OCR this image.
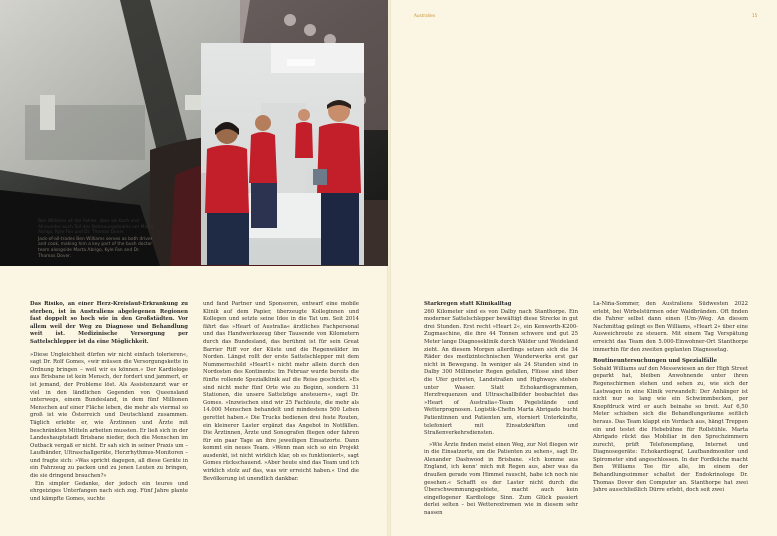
Ben Williams ist der Fahrer, aber als Koch und Allrounder auch Teil des Betreuungsteams um Marta Abrigo, Kyle Fan und Dr. Thomas Dover.
Jack-of-all-trades Ben Williams serves as both driver and cook, making him a key part of the bush doctor team alongside Marta Abrigo, Kyle Fan and Dr. Thomas Dover.
Australien	15

Das Risiko, an einer Herz-Kreislauf-Erkrankung zu sterben, ist in Australiens abgelegenen Regionen fast doppelt so hoch wie in den Großstädten. Vor allem weil der Weg zu Diagnose und Behandlung weit ist. Medizinische Versorgung per Sattelschlepper ist da eine Möglichkeit.

»Diese Ungleichheit dürfen wir nicht einfach tolerieren«, sagt Dr. Rolf Gomes, »wir müssen die Versorgungskette in Ordnung bringen – weil wir es können.« Der Kardiologe aus Brisbane ist kein Mensch, der fordert und jammert, er ist jemand, der Probleme löst. Als Assistenzarzt war er viel in den ländlichen Gegenden von Queensland unterwegs, einem Bundesland, in dem fünf Millionen Menschen auf einer Fläche leben, die mehr als viermal so groß ist wie Österreich und Deutschland zusammen. Täglich erlebte er, wie Ärztinnen und Ärzte mit beschränkten Mitteln arbeiten mussten. Er ließ sich in der Landeshauptstadt Brisbane nieder, doch die Menschen im Outback vergaß er nicht. Er sah sich in seiner Praxis um – Laufbänder, Ultraschallgeräte, Herzrhythmus-Monitoren – und fragte sich: »Was spricht dagegen, all diese Geräte in ein Fahrzeug zu packen und zu jenen Leuten zu bringen, die sie dringend brauchen?«

Ein simpler Gedanke, der jedoch ein teures und ehrgeiziges Unterfangen nach sich zog. Fünf Jahre plante und kämpfte Gomes, suchte

und fand Partner und Sponsoren, entwarf eine mobile Klinik auf dem Papier, überzeugte Kolleginnen und Kollegen und setzte seine Idee in die Tat um. Seit 2014 fährt das »Heart of Australia« ärztliches Fachpersonal und das Handwerkszeug über Tausende von Kilometern durch das Bundesland, das berühmt ist für sein Great Barrier Riff vor der Küste und die Regenwälder im Norden. Längst rollt der erste Sattelschlepper mit dem Nummernschild »Heart1« nicht mehr allein durch den Nordosten des Kontinents: Im Februar wurde bereits die fünfte rollende Spezialklinik auf die Reise geschickt. »Es sind nicht mehr fünf Orte wie zu Beginn, sondern 31 Stationen, die unsere Sattelzüge ansteuern«, sagt Dr. Gomes. »Inzwischen sind wir 25 Fachleute, die mehr als 14.000 Menschen behandelt und mindestens 500 Leben gerettet haben.« Die Trucks bedienen drei feste Routen, ein kleinerer Laster ergänzt das Angebot in Notfällen. Die Ärztinnen, Ärzte und Sonografen fliegen oder fahren für ein paar Tage an ihre jeweiligen Einsatzorte. Dann kommt ein neues Team. »Wenn man sich so ein Projekt ausdenkt, ist nicht wirklich klar, ob es funktioniert«, sagt Gomes rückschauend. »Aber heute sind das Team und ich wirklich stolz auf das, was wir erreicht haben.« Und die Bevölkerung ist unendlich dankbar.

Starkregen statt Klinikalltag

260 Kilometer sind es von Dalby nach Stanthorpe. Ein moderner Sattelschlepper bewältigt diese Strecke in gut drei Stunden. Erst recht »Heart 2«, ein Kenworth-K200-Zugmaschine, die ihre 44 Tonnen schwere und gut 25 Meter lange Diagnoseklinik durch Wälder und Weideland zieht. An diesem Morgen allerdings setzen sich die 34 Räder des medizintechnischen Wunderwerks erst gar nicht in Bewegung. In weniger als 24 Stunden sind in Dalby 300 Millimeter Regen gefallen, Flüsse sind über die Ufer getreten, Landstraßen und Highways stehen unter Wasser. Statt Echokardiogrammen, Herzfrequenzen und Ultraschallbilder beobachtet das »Heart of Australia«-Team Pegelstände und Wetterprognosen. Logistik-Chefin Marta Abrigado bucht Patientinnen und Patienten um, storniert Unterkünfte, telefoniert mit Einsatzkräften und Straßenverkehrsdiensten.

»Wie Ärzte finden meist einen Weg, zur Not fliegen wir in die Einsatzorte, um die Patienten zu sehen«, sagt Dr. Alexander Dashwood in Brisbane. »Ich komme aus England, ich kenn' mich mit Regen aus, aber was da draußen gerade vom Himmel rauscht, habe ich noch nie gesehen.« Schafft es der Laster nicht durch die Überschwemmungsgebiete, macht auch kein eingeflogener Kardiologe Sinn. Zum Glück passiert derlei selten – bei Wetterextremen wie in diesem sehr nassen

La-Niña-Sommer, den Australiens Südwesten 2022 erlebt, bei Wirbelstürmen oder Waldbränden. Oft finden die Fahrer selbst dann einen (Um-)Weg. An diesem Nachmittag gelingt es Ben Williams, »Heart 2« über eine Ausweichroute zu steuern. Mit einem Tag Verspätung erreicht das Team den 5.000-Einwohner-Ort Stanthorpe immerhin für den zweiten geplanten Diagnosetag.

Routineuntersuchungen und Spezialfälle

Sobald Williams auf den Messewiesen an der High Street geparkt hat, bleiben Anwohnende unter ihren Regenschirmen stehen und sehen zu, wie sich der Lastwagen in eine Klinik verwandelt: Der Anhänger ist nicht nur so lang wie ein Schwimmbecken, per Knopfdruck wird er auch beinahe so breit. Auf 6,50 Meter schieben sich die Behandlungsräume seitlich heraus. Das Team klappt ein Vordach aus, hängt Treppen ein und testet die Hebebühne für Rollstühle. Marta Abrigado rückt das Mobiliar in den Sprechzimmern zurecht, prüft Telefonempfang, Internet und Diagnosegeräte: Echokardiograf, Laufbandmonitor und Spirometer sind angeschlossen. In der Fordküche macht Ben Williams Tee für alle, im einem der Behandlungszimmer schaltet der Endokrinologe Dr. Thomas Dover den Computer an. Stanthorpe hat zwei Jahre ausschließlich Dürre erlebt, doch seit zwei
